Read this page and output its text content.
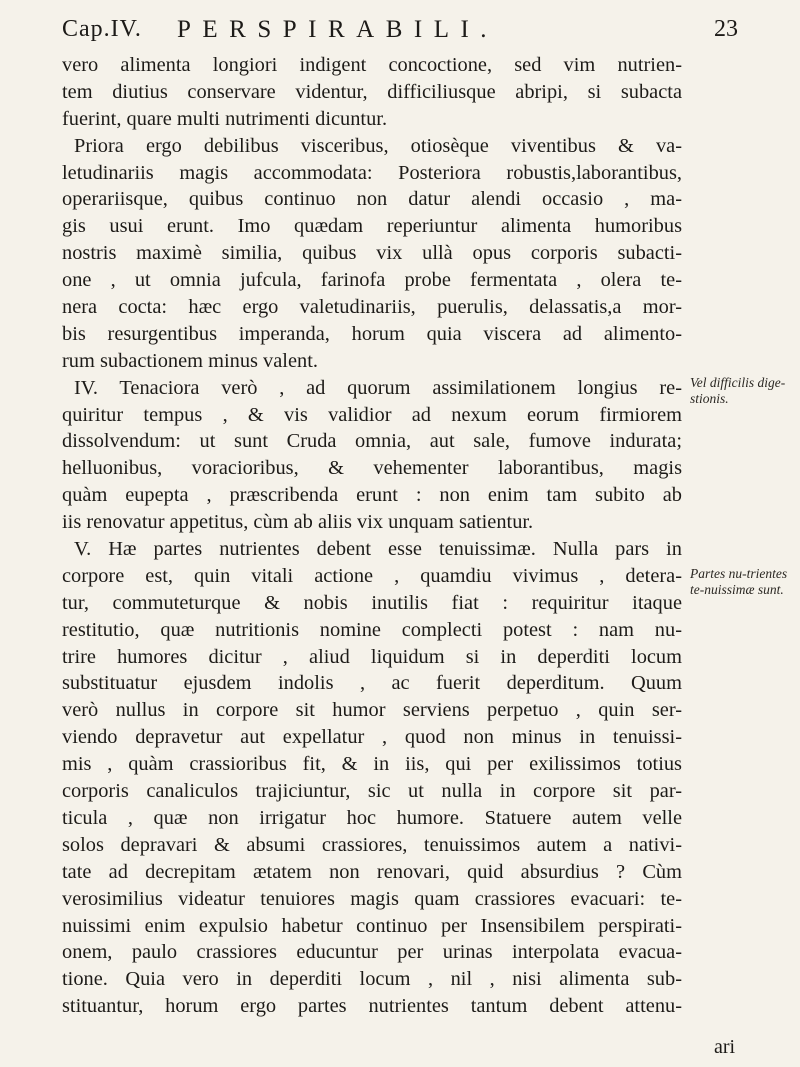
Cap.IV. PERSPIRABILI.	23
vero alimenta longiori indigent concoctione, sed vim nutrien-
tem diutius conservare videntur, difficiliusque abripi, si subacta
fuerint, quare multi nutrimenti dicuntur.
Priora ergo debilibus visceribus, otiosèque viventibus & va-
letudinariis magis accommodata: Posteriora robustis,laborantibus,
operariisque, quibus continuo non datur alendi occasio , ma-
gis usui erunt. Imo quædam reperiuntur alimenta humoribus
nostris maximè similia, quibus vix ullà opus corporis subacti-
one , ut omnia jufcula, farinofa probe fermentata , olera te-
nera cocta: hæc ergo valetudinariis, puerulis, delassatis,a mor-
bis resurgentibus imperanda, horum quia viscera ad alimento-
rum subactionem minus valent.
IV. Tenaciora verò , ad quorum assimilationem longius re-
quiritur tempus , & vis validior ad nexum eorum firmiorem
dissolvendum: ut sunt Cruda omnia, aut sale, fumove indurata;
helluonibus, voracioribus, & vehementer laborantibus, magis
quàm eupepta , præscribenda erunt : non enim tam subito ab
iis renovatur appetitus, cùm ab aliis vix unquam satientur.
V. Hæ partes nutrientes debent esse tenuissimæ. Nulla pars in
corpore est, quin vitali actione , quamdiu vivimus , detera-
tur, commuteturque & nobis inutilis fiat : requiritur itaque
restitutio, quæ nutritionis nomine complecti potest : nam nu-
trire humores dicitur , aliud liquidum si in deperditi locum
substituatur ejusdem indolis , ac fuerit deperditum. Quum
verò nullus in corpore sit humor serviens perpetuo , quin ser-
viendo depravetur aut expellatur , quod non minus in tenuissi-
mis , quàm crassioribus fit, & in iis, qui per exilissimos totius
corporis canaliculos trajiciuntur, sic ut nulla in corpore sit par-
ticula , quæ non irrigatur hoc humore. Statuere autem velle
solos depravari & absumi crassiores, tenuissimos autem a nativi-
tate ad decrepitam ætatem non renovari, quid absurdius ? Cùm
verosimilius videatur tenuiores magis quam crassiores evacuari: te-
nuissimi enim expulsio habetur continuo per Insensibilem perspirati-
onem, paulo crassiores educuntur per urinas interpolata evacua-
tione. Quia vero in deperditi locum , nil , nisi alimenta sub-
stituantur, horum ergo partes nutrientes tantum debent attenu-
Vel difficilis dige-stionis.
Partes nu-trientes te-nuissimæ sunt.
ari
